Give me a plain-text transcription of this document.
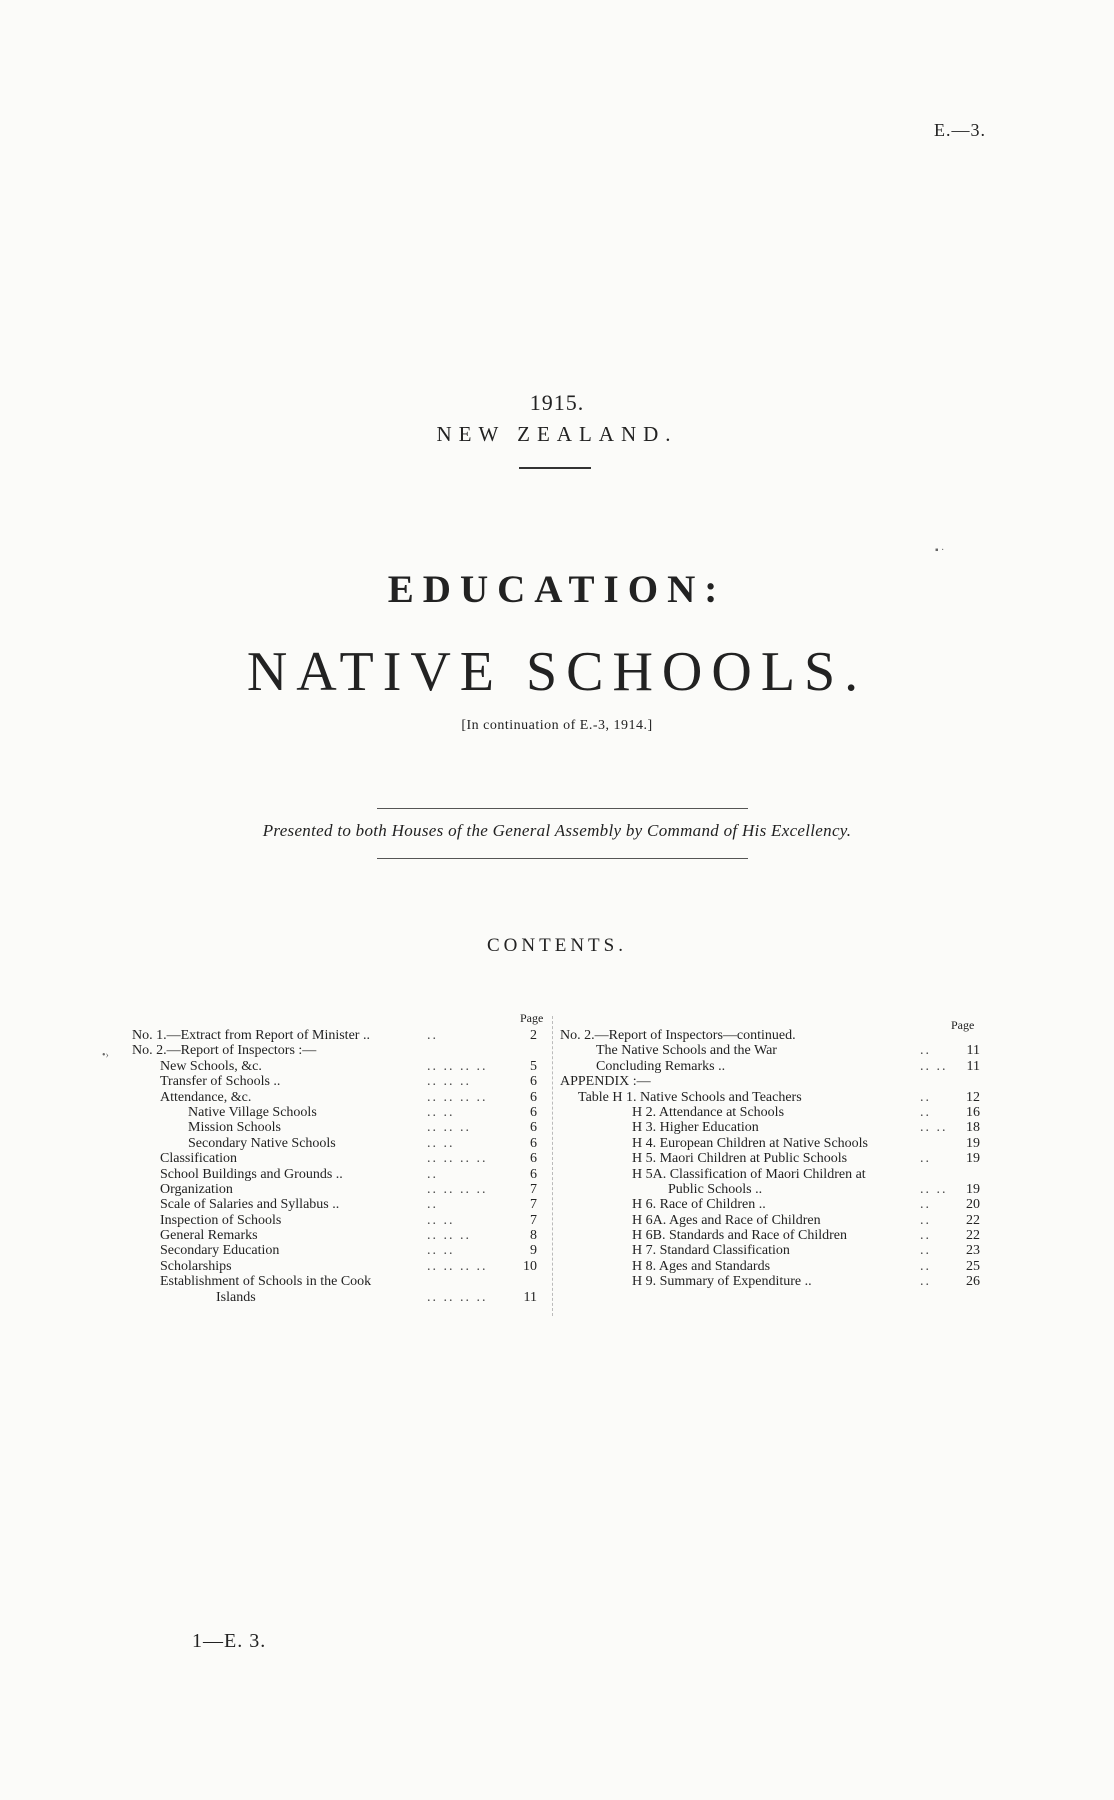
E.—3.
1915.
NEW ZEALAND.
EDUCATION:
NATIVE SCHOOLS.
[In continuation of E.-3, 1914.]
Presented to both Houses of the General Assembly by Command of His Excellency.
CONTENTS.
Page	Page
No. 1.—Extract from Report of Minister ..	..	2
No. 2.—Report of Inspectors :—
New Schools, &c.	.. .. .. ..	5
Transfer of Schools ..	.. .. ..	6
Attendance, &c.	.. .. .. ..	6
Native Village Schools	.. ..	6
Mission Schools	.. .. ..	6
Secondary Native Schools	.. ..	6
Classification	.. .. .. ..	6
School Buildings and Grounds ..	..	6
Organization	.. .. .. ..	7
Scale of Salaries and Syllabus ..	..	7
Inspection of Schools	.. ..	7
General Remarks	.. .. ..	8
Secondary Education	.. ..	9
Scholarships	.. .. .. ..	10
Establishment of Schools in the Cook
Islands	.. .. .. ..	11
No. 2.—Report of Inspectors—continued.
The Native Schools and the War	..	11
Concluding Remarks ..	.. ..	11
APPENDIX :—
Table H 1. Native Schools and Teachers	..	12
H 2. Attendance at Schools	..	16
H 3. Higher Education	.. ..	18
H 4. European Children at Native Schools	19
H 5. Maori Children at Public Schools	..	19
H 5A. Classification of Maori Children at
Public Schools ..	.. ..	19
H 6. Race of Children ..	..	20
H 6A. Ages and Race of Children	..	22
H 6B. Standards and Race of Children	..	22
H 7. Standard Classification	..	23
H 8. Ages and Standards	..	25
H 9. Summary of Expenditure ..	..	26
•›
▪ ·
1—E. 3.
